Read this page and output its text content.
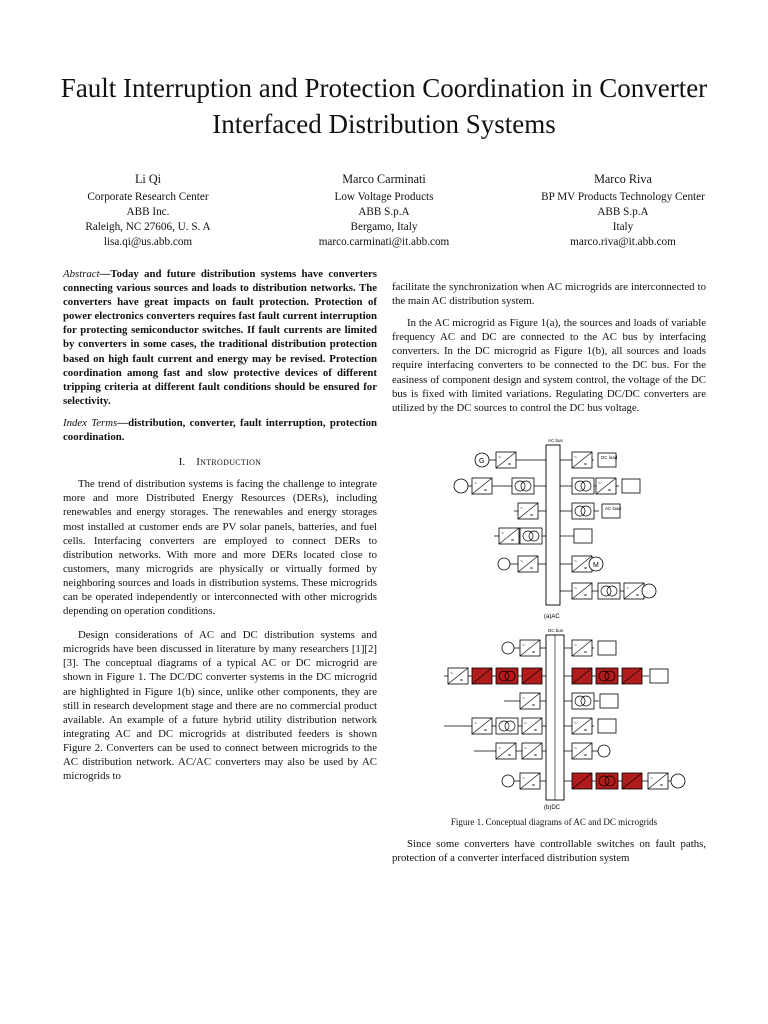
Fault Interruption and Protection Coordination in Converter Interfaced Distribution Systems
Li Qi
Corporate Research Center
ABB Inc.
Raleigh, NC 27606, U. S. A
lisa.qi@us.abb.com
Marco Carminati
Low Voltage Products
ABB S.p.A
Bergamo, Italy
marco.carminati@it.abb.com
Marco Riva
BP MV Products Technology Center
ABB S.p.A
Italy
marco.riva@it.abb.com

Abstract—Today and future distribution systems have converters connecting various sources and loads to distribution networks. The converters have great impacts on fault protection. Protection of power electronics converters requires fast fault current interruption for protecting semiconductor switches. If fault currents are limited by converters in some cases, the traditional distribution protection based on high fault current and energy may be revised. Protection coordination among fast and slow protective devices of different tripping criteria at different fault conditions should be ensured for selectivity.

Index Terms—distribution, converter, fault interruption, protection coordination.

I. Introduction

The trend of distribution systems is facing the challenge to integrate more and more Distributed Energy Resources (DERs), including renewables and energy storages. The renewables and energy storages most installed at customer ends are PV solar panels, batteries, and fuel cells. Interfacing converters are employed to connect DERs to distribution networks. With more and more DERs located close to customers, many microgrids are physically or virtually formed by neighboring sources and loads in distribution systems. These microgrids can be operated independently or interconnected with other microgrids depending on operation conditions.

Design considerations of AC and DC distribution systems and microgrids have been discussed in literature by many researchers [1][2][3]. The conceptual diagrams of a typical AC or DC microgrid are shown in Figure 1. The DC/DC converter systems in the DC microgrid are highlighted in Figure 1(b) since, unlike other components, they are still in research development stage and there are no commercial product available. An example of a future hybrid utility distribution network integrating AC and DC microgrids at distributed feeders is shown Figure 2. Converters can be used to connect between microgrids to the AC distribution network. AC/AC converters may also be used by AC microgrids to

facilitate the synchronization when AC microgrids are interconnected to the main AC distribution system.

In the AC microgrid as Figure 1(a), the sources and loads of variable frequency AC and DC are connected to the AC bus by interfacing converters. In the DC microgrid as Figure 1(b), all sources and loads require interfacing converters to be connected to the DC bus. For the easiness of component design and system control, the voltage of the DC bus is fixed with limited variations. Regulating DC/DC converters are utilized by the DC sources to control the DC bus voltage.

~
=
AC bus
G
DC load
AC load
M
(a)AC
DC bus
(b)DC
Figure 1. Conceptual diagrams of AC and DC microgrids

Since some converters have controllable switches on fault paths, protection of a converter interfaced distribution system
